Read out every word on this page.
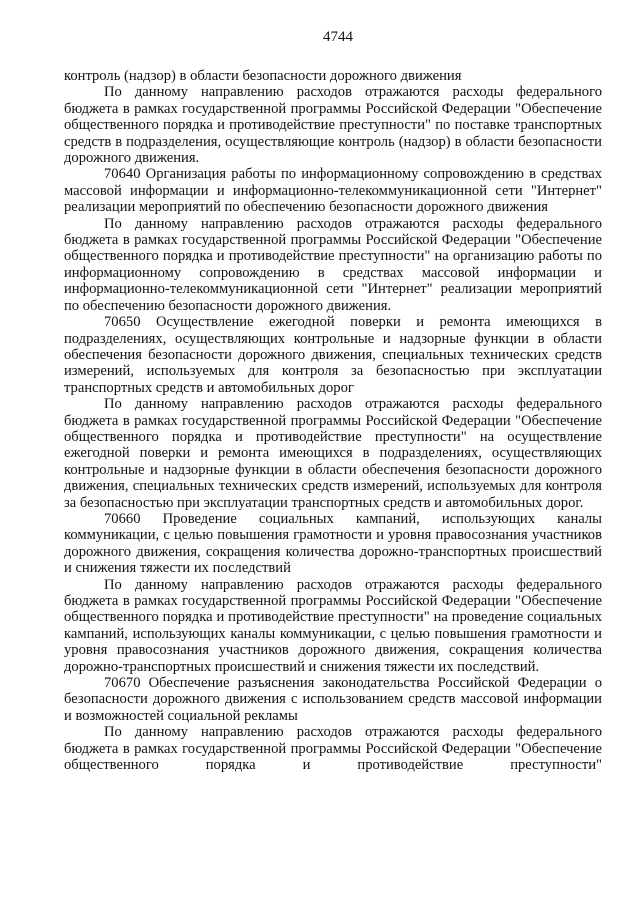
4744

контроль (надзор) в области безопасности дорожного движения

По данному направлению расходов отражаются расходы федерального бюджета в рамках государственной программы Российской Федерации "Обеспечение общественного порядка и противодействие преступности" по поставке транспортных средств в подразделения, осуществляющие контроль (надзор) в области безопасности дорожного движения.

70640 Организация работы по информационному сопровождению в средствах массовой информации и информационно-телекоммуникационной сети "Интернет" реализации мероприятий по обеспечению безопасности дорожного движения

По данному направлению расходов отражаются расходы федерального бюджета в рамках государственной программы Российской Федерации "Обеспечение общественного порядка и противодействие преступности" на организацию работы по информационному сопровождению в средствах массовой информации и информационно-телекоммуникационной сети "Интернет" реализации мероприятий по обеспечению безопасности дорожного движения.

70650 Осуществление ежегодной поверки и ремонта имеющихся в подразделениях, осуществляющих контрольные и надзорные функции в области обеспечения безопасности дорожного движения, специальных технических средств измерений, используемых для контроля за безопасностью при эксплуатации транспортных средств и автомобильных дорог

По данному направлению расходов отражаются расходы федерального бюджета в рамках государственной программы Российской Федерации "Обеспечение общественного порядка и противодействие преступности" на осуществление ежегодной поверки и ремонта имеющихся в подразделениях, осуществляющих контрольные и надзорные функции в области обеспечения безопасности дорожного движения, специальных технических средств измерений, используемых для контроля за безопасностью при эксплуатации транспортных средств и автомобильных дорог.

70660 Проведение социальных кампаний, использующих каналы коммуникации, с целью повышения грамотности и уровня правосознания участников дорожного движения, сокращения количества дорожно-транспортных происшествий и снижения тяжести их последствий

По данному направлению расходов отражаются расходы федерального бюджета в рамках государственной программы Российской Федерации "Обеспечение общественного порядка и противодействие преступности" на проведение социальных кампаний, использующих каналы коммуникации, с целью повышения грамотности и уровня правосознания участников дорожного движения, сокращения количества дорожно-транспортных происшествий и снижения тяжести их последствий.

70670 Обеспечение разъяснения законодательства Российской Федерации о безопасности дорожного движения с использованием средств массовой информации и возможностей социальной рекламы

По данному направлению расходов отражаются расходы федерального бюджета в рамках государственной программы Российской Федерации "Обеспечение общественного порядка и противодействие преступности"
